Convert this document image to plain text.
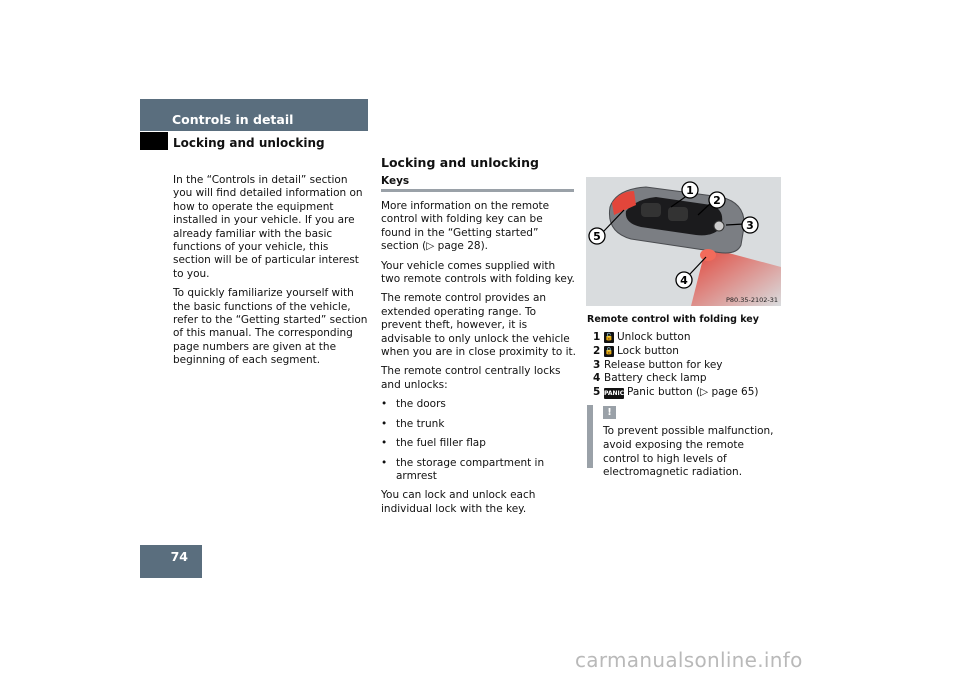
Controls in detail
Locking and unlocking

In the “Controls in detail” section you will find detailed information on how to operate the equipment installed in your vehicle. If you are already familiar with the basic functions of your vehicle, this section will be of particular interest to you.

To quickly familiarize yourself with the basic functions of the vehicle, refer to the “Getting started” section of this manual. The corresponding page numbers are given at the beginning of each segment.

Locking and unlocking
Keys

More information on the remote control with folding key can be found in the “Getting started” section (▷ page 28).

Your vehicle comes supplied with two remote controls with folding key.

The remote control provides an extended operating range. To prevent theft, however, it is advisable to only unlock the vehicle when you are in close proximity to it.

The remote control centrally locks and unlocks:

• the doors
• the trunk
• the fuel filler flap
• the storage compartment in armrest

You can lock and unlock each individual lock with the key.

1
2
3
4
5
P80.35-2102-31
Remote control with folding key
1 🔓 Unlock button
2 🔒 Lock button
3 Release button for key
4 Battery check lamp
5 PANIC Panic button (▷ page 65)
!
To prevent possible malfunction, avoid exposing the remote control to high levels of electromagnetic radiation.
74
carmanualsonline.info
